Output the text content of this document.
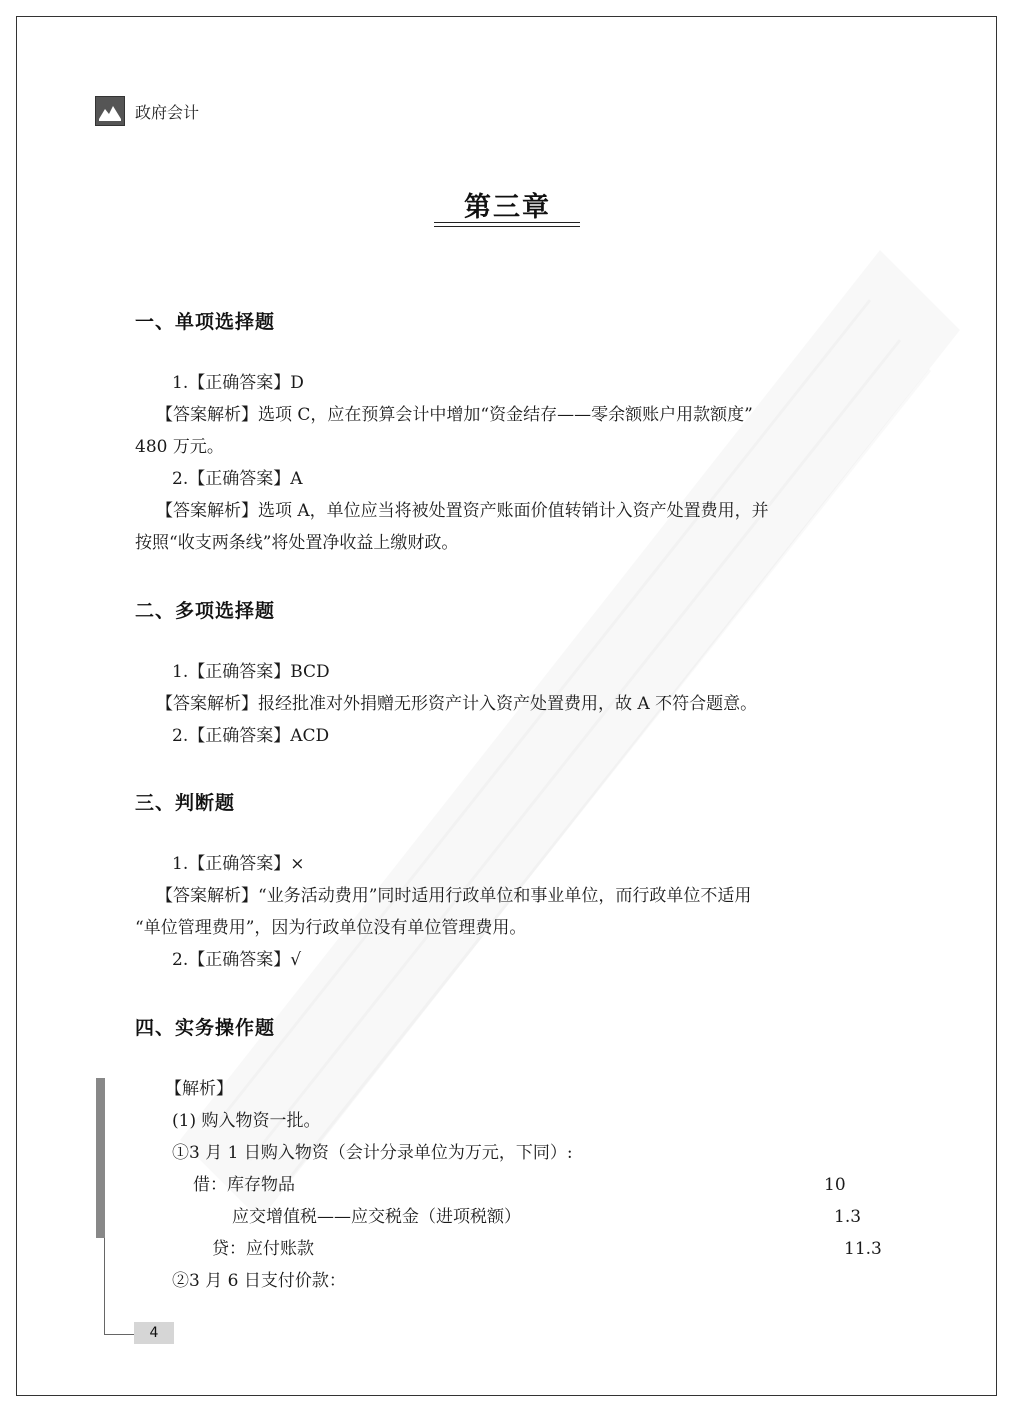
政府会计
第三章
一、单项选择题
1.【正确答案】D
【答案解析】选项 C，应在预算会计中增加“资金结存——零余额账户用款额度”
480 万元。
2.【正确答案】A
【答案解析】选项 A，单位应当将被处置资产账面价值转销计入资产处置费用，并
按照“收支两条线”将处置净收益上缴财政。
二、多项选择题
1.【正确答案】BCD
【答案解析】报经批准对外捐赠无形资产计入资产处置费用，故 A 不符合题意。
2.【正确答案】ACD
三、判断题
1.【正确答案】×
【答案解析】“业务活动费用”同时适用行政单位和事业单位，而行政单位不适用
“单位管理费用”，因为行政单位没有单位管理费用。
2.【正确答案】√
四、实务操作题
【解析】
(1) 购入物资一批。
①3 月 1 日购入物资（会计分录单位为万元，下同）:
借：库存物品	10
应交增值税——应交税金（进项税额）	1.3
贷：应付账款	11.3
②3 月 6 日支付价款：
4
